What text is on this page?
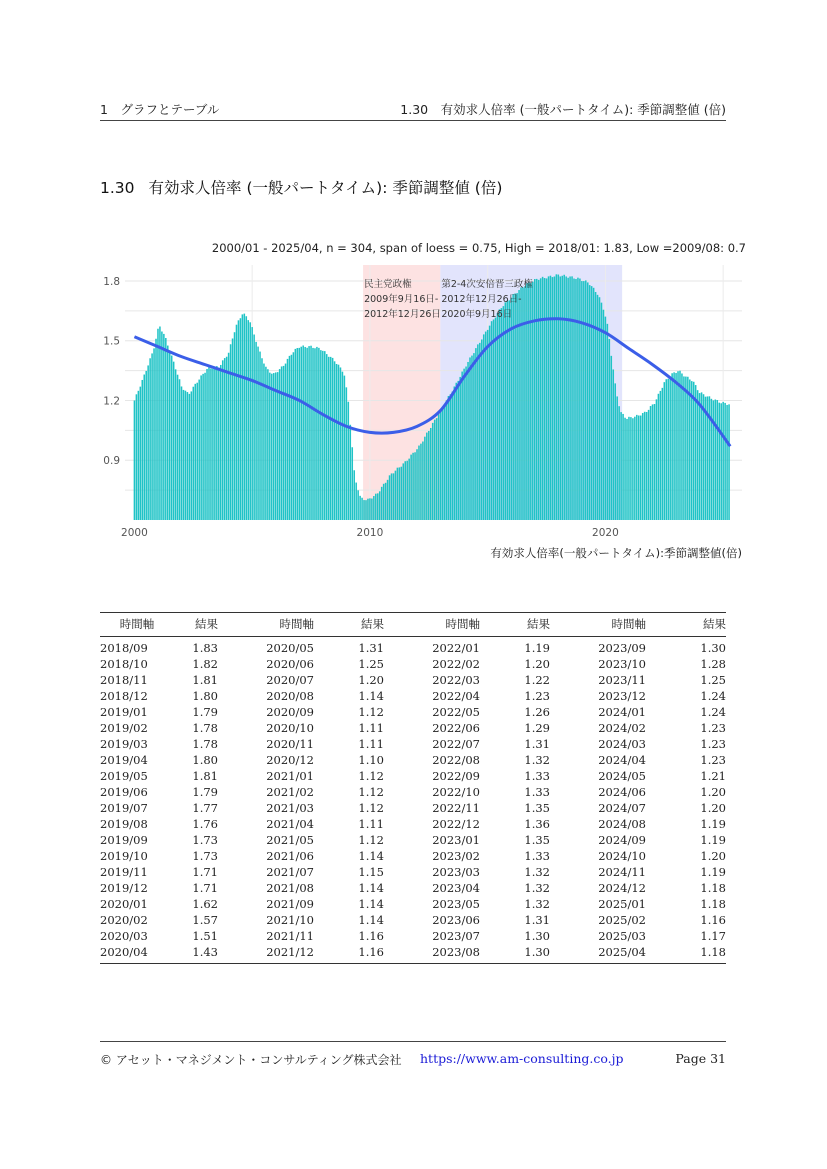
1　グラフとテーブル	1.30　有効求人倍率 (一般パートタイム): 季節調整値 (倍)
1.30 有効求人倍率 (一般パートタイム): 季節調整値 (倍)
2000/01 - 2025/04, n = 304, span of loess = 0.75, High = 2018/01: 1.83, Low =2009/08: 0.7
民主党政権
2009年9月16日-
2012年12月26日
第2-4次安倍晋三政権
2012年12月26日-
2020年9月16日
0.9
1.2
1.5
1.8
2000	2010	2020
有効求人倍率(一般パートタイム):季節調整値(倍)
時間軸	結果	時間軸	結果	時間軸	結果	時間軸	結果
2018/09	1.83	2020/05	1.31	2022/01	1.19	2023/09	1.30
2018/10	1.82	2020/06	1.25	2022/02	1.20	2023/10	1.28
2018/11	1.81	2020/07	1.20	2022/03	1.22	2023/11	1.25
2018/12	1.80	2020/08	1.14	2022/04	1.23	2023/12	1.24
2019/01	1.79	2020/09	1.12	2022/05	1.26	2024/01	1.24
2019/02	1.78	2020/10	1.11	2022/06	1.29	2024/02	1.23
2019/03	1.78	2020/11	1.11	2022/07	1.31	2024/03	1.23
2019/04	1.80	2020/12	1.10	2022/08	1.32	2024/04	1.23
2019/05	1.81	2021/01	1.12	2022/09	1.33	2024/05	1.21
2019/06	1.79	2021/02	1.12	2022/10	1.33	2024/06	1.20
2019/07	1.77	2021/03	1.12	2022/11	1.35	2024/07	1.20
2019/08	1.76	2021/04	1.11	2022/12	1.36	2024/08	1.19
2019/09	1.73	2021/05	1.12	2023/01	1.35	2024/09	1.19
2019/10	1.73	2021/06	1.14	2023/02	1.33	2024/10	1.20
2019/11	1.71	2021/07	1.15	2023/03	1.32	2024/11	1.19
2019/12	1.71	2021/08	1.14	2023/04	1.32	2024/12	1.18
2020/01	1.62	2021/09	1.14	2023/05	1.32	2025/01	1.18
2020/02	1.57	2021/10	1.14	2023/06	1.31	2025/02	1.16
2020/03	1.51	2021/11	1.16	2023/07	1.30	2025/03	1.17
2020/04	1.43	2021/12	1.16	2023/08	1.30	2025/04	1.18
© アセット・マネジメント・コンサルティング株式会社 https://www.am-consulting.co.jp	Page 31
